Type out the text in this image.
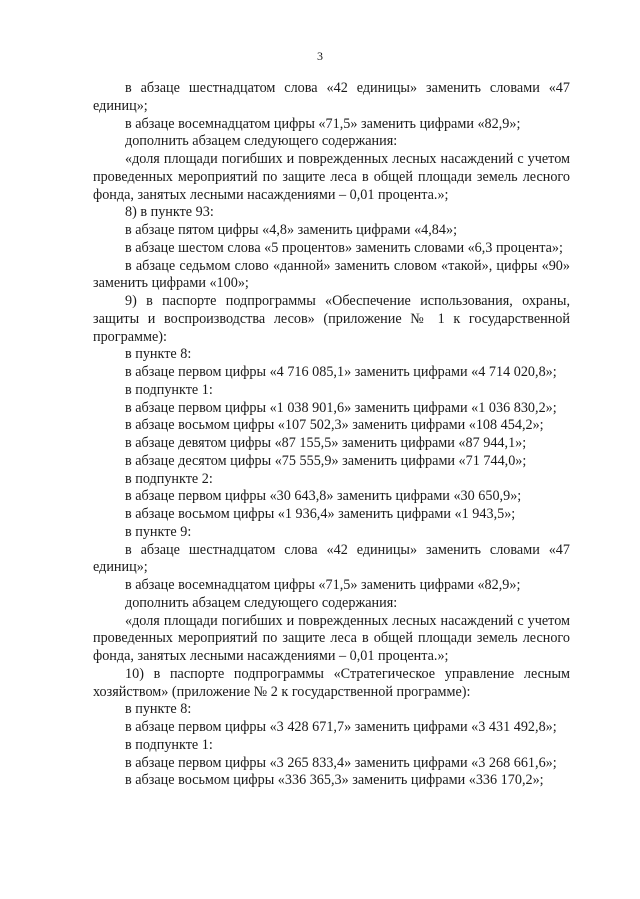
3

в абзаце шестнадцатом слова «42 единицы» заменить словами «47 единиц»;

в абзаце восемнадцатом цифры «71,5» заменить цифрами «82,9»;

дополнить абзацем следующего содержания:

«доля площади погибших и поврежденных лесных насаждений с учетом проведенных мероприятий по защите леса в общей площади земель лесного фонда, занятых лесными насаждениями – 0,01 процента.»;

8) в пункте 93:

в абзаце пятом цифры «4,8» заменить цифрами «4,84»;

в абзаце шестом слова «5 процентов» заменить словами «6,3 процента»;

в абзаце седьмом слово «данной» заменить словом «такой», цифры «90» заменить цифрами «100»;

9) в паспорте подпрограммы «Обеспечение использования, охраны, защиты и воспроизводства лесов» (приложение № 1 к государственной программе):

в пункте 8:

в абзаце первом цифры «4 716 085,1» заменить цифрами «4 714 020,8»;

в подпункте 1:

в абзаце первом цифры «1 038 901,6» заменить цифрами «1 036 830,2»;

в абзаце восьмом цифры «107 502,3» заменить цифрами «108 454,2»;

в абзаце девятом цифры «87 155,5» заменить цифрами «87 944,1»;

в абзаце десятом цифры «75 555,9» заменить цифрами «71 744,0»;

в подпункте 2:

в абзаце первом цифры «30 643,8» заменить цифрами «30 650,9»;

в абзаце восьмом цифры «1 936,4» заменить цифрами «1 943,5»;

в пункте 9:

в абзаце шестнадцатом слова «42 единицы» заменить словами «47 единиц»;

в абзаце восемнадцатом цифры «71,5» заменить цифрами «82,9»;

дополнить абзацем следующего содержания:

«доля площади погибших и поврежденных лесных насаждений с учетом проведенных мероприятий по защите леса в общей площади земель лесного фонда, занятых лесными насаждениями – 0,01 процента.»;

10) в паспорте подпрограммы «Стратегическое управление лесным хозяйством» (приложение № 2 к государственной программе):

в пункте 8:

в абзаце первом цифры «3 428 671,7» заменить цифрами «3 431 492,8»;

в подпункте 1:

в абзаце первом цифры «3 265 833,4» заменить цифрами «3 268 661,6»;

в абзаце восьмом цифры «336 365,3» заменить цифрами «336 170,2»;
